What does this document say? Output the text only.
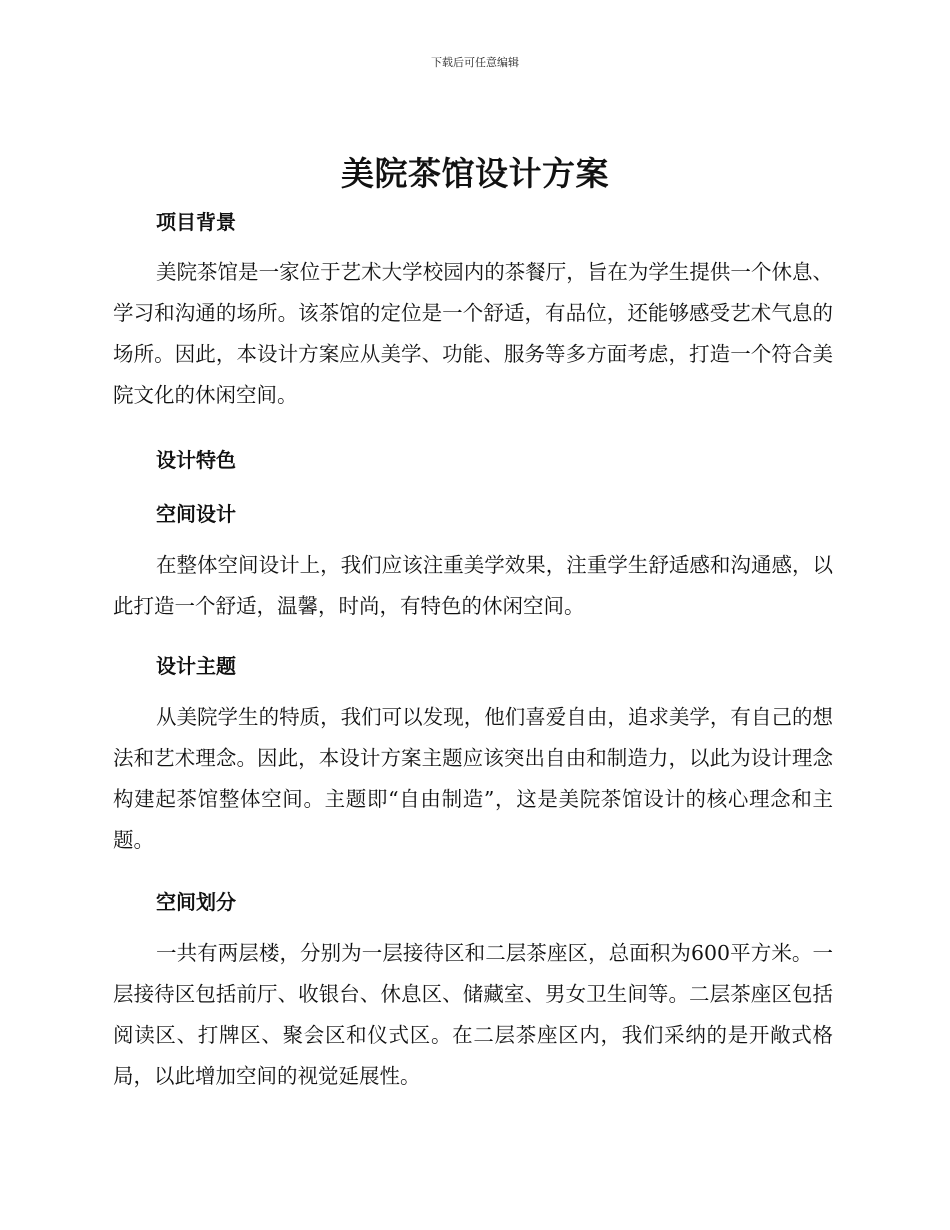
下载后可任意编辑
美院茶馆设计方案
项目背景

美院茶馆是一家位于艺术大学校园内的茶餐厅，旨在为学生提供一个休息、学习和沟通的场所。该茶馆的定位是一个舒适，有品位，还能够感受艺术气息的场所。因此，本设计方案应从美学、功能、服务等多方面考虑，打造一个符合美院文化的休闲空间。

设计特色
空间设计

在整体空间设计上，我们应该注重美学效果，注重学生舒适感和沟通感，以此打造一个舒适，温馨，时尚，有特色的休闲空间。

设计主题

从美院学生的特质，我们可以发现，他们喜爱自由，追求美学，有自己的想法和艺术理念。因此，本设计方案主题应该突出自由和制造力，以此为设计理念构建起茶馆整体空间。主题即“自由制造”，这是美院茶馆设计的核心理念和主题。

空间划分

一共有两层楼，分别为一层接待区和二层茶座区，总面积为600平方米。一层接待区包括前厅、收银台、休息区、储藏室、男女卫生间等。二层茶座区包括阅读区、打牌区、聚会区和仪式区。在二层茶座区内，我们采纳的是开敞式格局，以此增加空间的视觉延展性。
